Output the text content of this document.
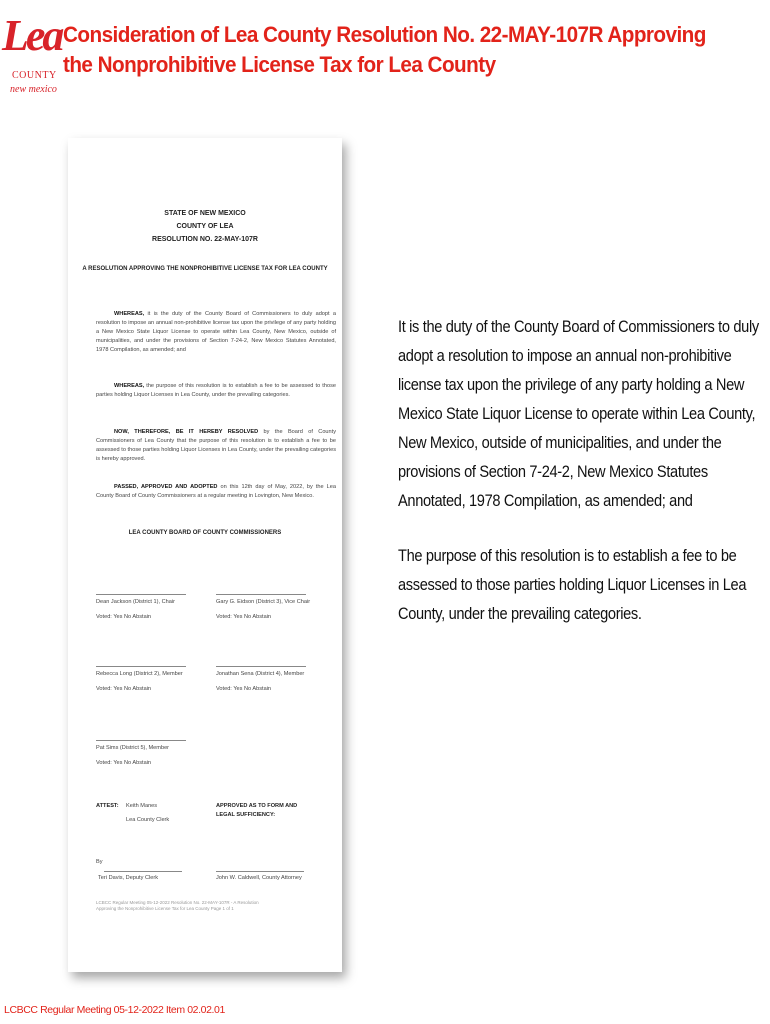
Lea
COUNTY
new mexico
Consideration of Lea County Resolution No. 22-MAY-107R Approving the Nonprohibitive License Tax for Lea County
STATE OF NEW MEXICO
COUNTY OF LEA
RESOLUTION NO. 22-MAY-107R
A RESOLUTION APPROVING THE NONPROHIBITIVE LICENSE TAX FOR LEA COUNTY
WHEREAS, it is the duty of the County Board of Commissioners to duly adopt a resolution to impose an annual non-prohibitive license tax upon the privilege of any party holding a New Mexico State Liquor License to operate within Lea County, New Mexico, outside of municipalities, and under the provisions of Section 7-24-2, New Mexico Statutes Annotated, 1978 Compilation, as amended; and
WHEREAS, the purpose of this resolution is to establish a fee to be assessed to those parties holding Liquor Licenses in Lea County, under the prevailing categories.
NOW, THEREFORE, BE IT HEREBY RESOLVED by the Board of County Commissioners of Lea County that the purpose of this resolution is to establish a fee to be assessed to those parties holding Liquor Licenses in Lea County, under the prevailing categories is hereby approved.
PASSED, APPROVED AND ADOPTED on this 12th day of May, 2022, by the Lea County Board of County Commissioners at a regular meeting in Lovington, New Mexico.
LEA COUNTY BOARD OF COUNTY COMMISSIONERS
Dean Jackson (District 1), Chair
Voted: Yes No Abstain
Gary G. Eidson (District 3), Vice Chair
Voted: Yes No Abstain
Rebecca Long (District 2), Member
Voted: Yes No Abstain
Jonathan Sena (District 4), Member
Voted: Yes No Abstain
Pat Sims (District 5), Member
Voted: Yes No Abstain
ATTEST: Keith Manes
Lea County Clerk
APPROVED AS TO FORM AND LEGAL SUFFICIENCY:
By
Teri Davis, Deputy Clerk	John W. Caldwell, County Attorney
LCBCC Regular Meeting 05-12-2022 Resolution No. 22-MAY-107R - A Resolution Approving the Nonprohibitive License Tax for Lea County Page 1 of 1

It is the duty of the County Board of Commissioners to duly adopt a resolution to impose an annual non-prohibitive license tax upon the privilege of any party holding a New Mexico State Liquor License to operate within Lea County, New Mexico, outside of municipalities, and under the provisions of Section 7-24-2, New Mexico Statutes Annotated, 1978 Compilation, as amended; and

The purpose of this resolution is to establish a fee to be assessed to those parties holding Liquor Licenses in Lea County, under the prevailing categories.

LCBCC Regular Meeting 05-12-2022 Item 02.02.01
